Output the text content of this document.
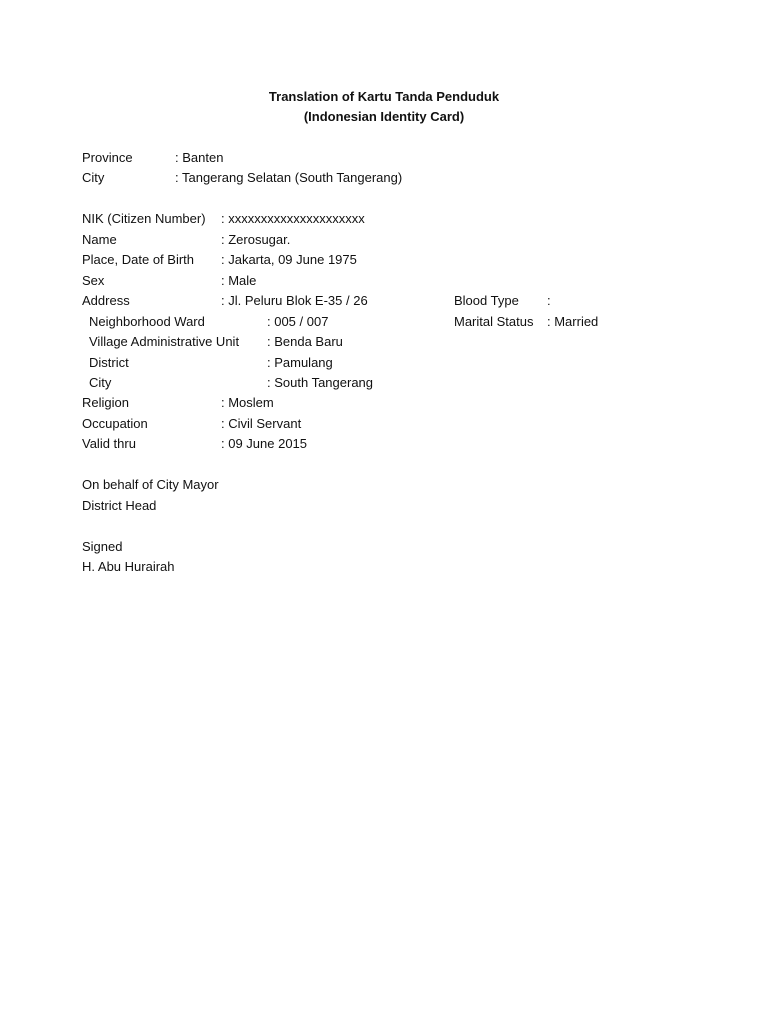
Translation of Kartu Tanda Penduduk
(Indonesian Identity Card)
Province	: Banten
City	: Tangerang Selatan (South Tangerang)
NIK (Citizen Number) : xxxxxxxxxxxxxxxxxxxxx
Name	: Zerosugar.
Place, Date of Birth : Jakarta, 09 June 1975
Sex	: Male
Address	: Jl. Peluru Blok E-35 / 26	Blood Type :
Neighborhood Ward	: 005 / 007	Marital Status : Married
Village Administrative Unit : Benda Baru
District	: Pamulang
City	: South Tangerang
Religion	: Moslem
Occupation	: Civil Servant
Valid thru	: 09 June 2015
On behalf of City Mayor
District Head
Signed
H. Abu Hurairah
